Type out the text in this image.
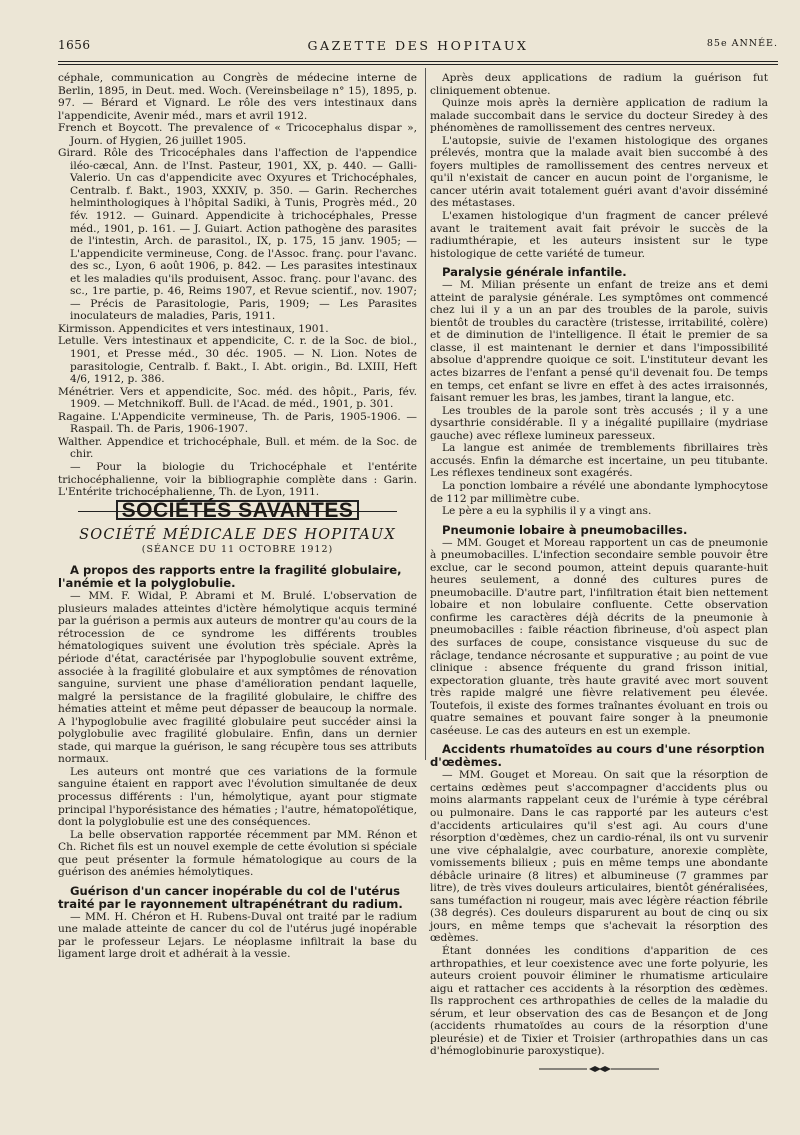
1656	GAZETTE DES HOPITAUX	85e ANNÉE.

céphale, communication au Congrès de médecine interne de Berlin, 1895, in Deut. med. Woch. (Vereinsbeilage n° 15), 1895, p. 97. — Bérard et Vignard. Le rôle des vers intestinaux dans l'appendicite, Avenir méd., mars et avril 1912.

French et Boycott. The prevalence of « Tricocephalus dispar », Journ. of Hygien, 26 juillet 1905.

Girard. Rôle des Tricocéphales dans l'affection de l'appendice iléo-cæcal, Ann. de l'Inst. Pasteur, 1901, XX, p. 440. — Galli-Valerio. Un cas d'appendicite avec Oxyures et Trichocéphales, Centralb. f. Bakt., 1903, XXXIV, p. 350. — Garin. Recherches helminthologiques à l'hôpital Sadiki, à Tunis, Progrès méd., 20 fév. 1912. — Guinard. Appendicite à trichocéphales, Presse méd., 1901, p. 161. — J. Guiart. Action pathogène des parasites de l'intestin, Arch. de parasitol., IX, p. 175, 15 janv. 1905; — L'appendicite vermineuse, Cong. de l'Assoc. franç. pour l'avanc. des sc., Lyon, 6 août 1906, p. 842. — Les parasites intestinaux et les maladies qu'ils produisent, Assoc. franç. pour l'avanc. des sc., 1re partie, p. 46, Reims 1907, et Revue scientif., nov. 1907; — Précis de Parasitologie, Paris, 1909; — Les Parasites inoculateurs de maladies, Paris, 1911.

Kirmisson. Appendicites et vers intestinaux, 1901.

Letulle. Vers intestinaux et appendicite, C. r. de la Soc. de biol., 1901, et Presse méd., 30 déc. 1905. — N. Lion. Notes de parasitologie, Centralb. f. Bakt., I. Abt. origin., Bd. LXIII, Heft 4/6, 1912, p. 386.

Ménétrier. Vers et appendicite, Soc. méd. des hôpit., Paris, fév. 1909. — Metchnikoff. Bull. de l'Acad. de méd., 1901, p. 301.

Ragaine. L'Appendicite vermineuse, Th. de Paris, 1905-1906. — Raspail. Th. de Paris, 1906-1907.

Walther. Appendice et trichocéphale, Bull. et mém. de la Soc. de chir.

— Pour la biologie du Trichocéphale et l'entérite trichocéphalienne, voir la bibliographie complète dans : Garin. L'Entérite trichocéphalienne, Th. de Lyon, 1911.

SOCIÉTÉS SAVANTES
SOCIÉTÉ MÉDICALE DES HOPITAUX
(SÉANCE DU 11 OCTOBRE 1912)
A propos des rapports entre la fragilité globulaire, l'anémie et la polyglobulie.

— MM. F. Widal, P. Abrami et M. Brulé. L'observation de plusieurs malades atteintes d'ictère hémolytique acquis terminé par la guérison a permis aux auteurs de montrer qu'au cours de la rétrocession de ce syndrome les différents troubles hématologiques suivent une évolution très spéciale. Après la période d'état, caractérisée par l'hypoglobulie souvent extrême, associée à la fragilité globulaire et aux symptômes de rénovation sanguine, survient une phase d'amélioration pendant laquelle, malgré la persistance de la fragilité globulaire, le chiffre des hématies atteint et même peut dépasser de beaucoup la normale. A l'hypoglobulie avec fragilité globulaire peut succéder ainsi la polyglobulie avec fragilité globulaire. Enfin, dans un dernier stade, qui marque la guérison, le sang récupère tous ses attributs normaux.

Les auteurs ont montré que ces variations de la formule sanguine étaient en rapport avec l'évolution simultanée de deux processus différents : l'un, hémolytique, ayant pour stigmate principal l'hyporésistance des hématies ; l'autre, hématopoïétique, dont la polyglobulie est une des conséquences.

La belle observation rapportée récemment par MM. Rénon et Ch. Richet fils est un nouvel exemple de cette évolution si spéciale que peut présenter la formule hématologique au cours de la guérison des anémies hémolytiques.

Guérison d'un cancer inopérable du col de l'utérus traité par le rayonnement ultrapénétrant du radium.

— MM. H. Chéron et H. Rubens-Duval ont traité par le radium une malade atteinte de cancer du col de l'utérus jugé inopérable par le professeur Lejars. Le néoplasme infiltrait la base du ligament large droit et adhérait à la vessie.

Après deux applications de radium la guérison fut cliniquement obtenue.

Quinze mois après la dernière application de radium la malade succombait dans le service du docteur Siredey à des phénomènes de ramollissement des centres nerveux.

L'autopsie, suivie de l'examen histologique des organes prélevés, montra que la malade avait bien succombé à des foyers multiples de ramollissement des centres nerveux et qu'il n'existait de cancer en aucun point de l'organisme, le cancer utérin avait totalement guéri avant d'avoir disséminé des métastases.

L'examen histologique d'un fragment de cancer prélevé avant le traitement avait fait prévoir le succès de la radiumthérapie, et les auteurs insistent sur le type histologique de cette variété de tumeur.

Paralysie générale infantile.

— M. Milian présente un enfant de treize ans et demi atteint de paralysie générale. Les symptômes ont commencé chez lui il y a un an par des troubles de la parole, suivis bientôt de troubles du caractère (tristesse, irritabilité, colère) et de diminution de l'intelligence. Il était le premier de sa classe, il est maintenant le dernier et dans l'impossibilité absolue d'apprendre quoique ce soit. L'instituteur devant les actes bizarres de l'enfant a pensé qu'il devenait fou. De temps en temps, cet enfant se livre en effet à des actes irraisonnés, faisant remuer les bras, les jambes, tirant la langue, etc.

Les troubles de la parole sont très accusés ; il y a une dysarthrie considérable. Il y a inégalité pupillaire (mydriase gauche) avec réflexe lumineux paresseux.

La langue est animée de tremblements fibrillaires très accusés. Enfin la démarche est incertaine, un peu titubante. Les réflexes tendineux sont exagérés.

La ponction lombaire a révélé une abondante lymphocytose de 112 par millimètre cube.

Le père a eu la syphilis il y a vingt ans.

Pneumonie lobaire à pneumobacilles.

— MM. Gouget et Moreau rapportent un cas de pneumonie à pneumobacilles. L'infection secondaire semble pouvoir être exclue, car le second poumon, atteint depuis quarante-huit heures seulement, a donné des cultures pures de pneumobacille. D'autre part, l'infiltration était bien nettement lobaire et non lobulaire confluente. Cette observation confirme les caractères déjà décrits de la pneumonie à pneumobacilles : faible réaction fibrineuse, d'où aspect plan des surfaces de coupe, consistance visqueuse du suc de râclage, tendance nécrosante et suppurative ; au point de vue clinique : absence fréquente du grand frisson initial, expectoration gluante, très haute gravité avec mort souvent très rapide malgré une fièvre relativement peu élevée. Toutefois, il existe des formes traînantes évoluant en trois ou quatre semaines et pouvant faire songer à la pneumonie caséeuse. Le cas des auteurs en est un exemple.

Accidents rhumatoïdes au cours d'une résorption d'œdèmes.

— MM. Gouget et Moreau. On sait que la résorption de certains œdèmes peut s'accompagner d'accidents plus ou moins alarmants rappelant ceux de l'urémie à type cérébral ou pulmonaire. Dans le cas rapporté par les auteurs c'est d'accidents articulaires qu'il s'est agi. Au cours d'une résorption d'œdèmes, chez un cardio-rénal, ils ont vu survenir une vive céphalalgie, avec courbature, anorexie complète, vomissements bilieux ; puis en même temps une abondante débâcle urinaire (8 litres) et albumineuse (7 grammes par litre), de très vives douleurs articulaires, bientôt généralisées, sans tuméfaction ni rougeur, mais avec légère réaction fébrile (38 degrés). Ces douleurs disparurent au bout de cinq ou six jours, en même temps que s'achevait la résorption des œdèmes.

Étant données les conditions d'apparition de ces arthropathies, et leur coexistence avec une forte polyurie, les auteurs croient pouvoir éliminer le rhumatisme articulaire aigu et rattacher ces accidents à la résorption des œdèmes. Ils rapprochent ces arthropathies de celles de la maladie du sérum, et leur observation des cas de Besançon et de Jong (accidents rhumatoïdes au cours de la résorption d'une pleurésie) et de Tixier et Troisier (arthropathies dans un cas d'hémoglobinurie paroxystique).
